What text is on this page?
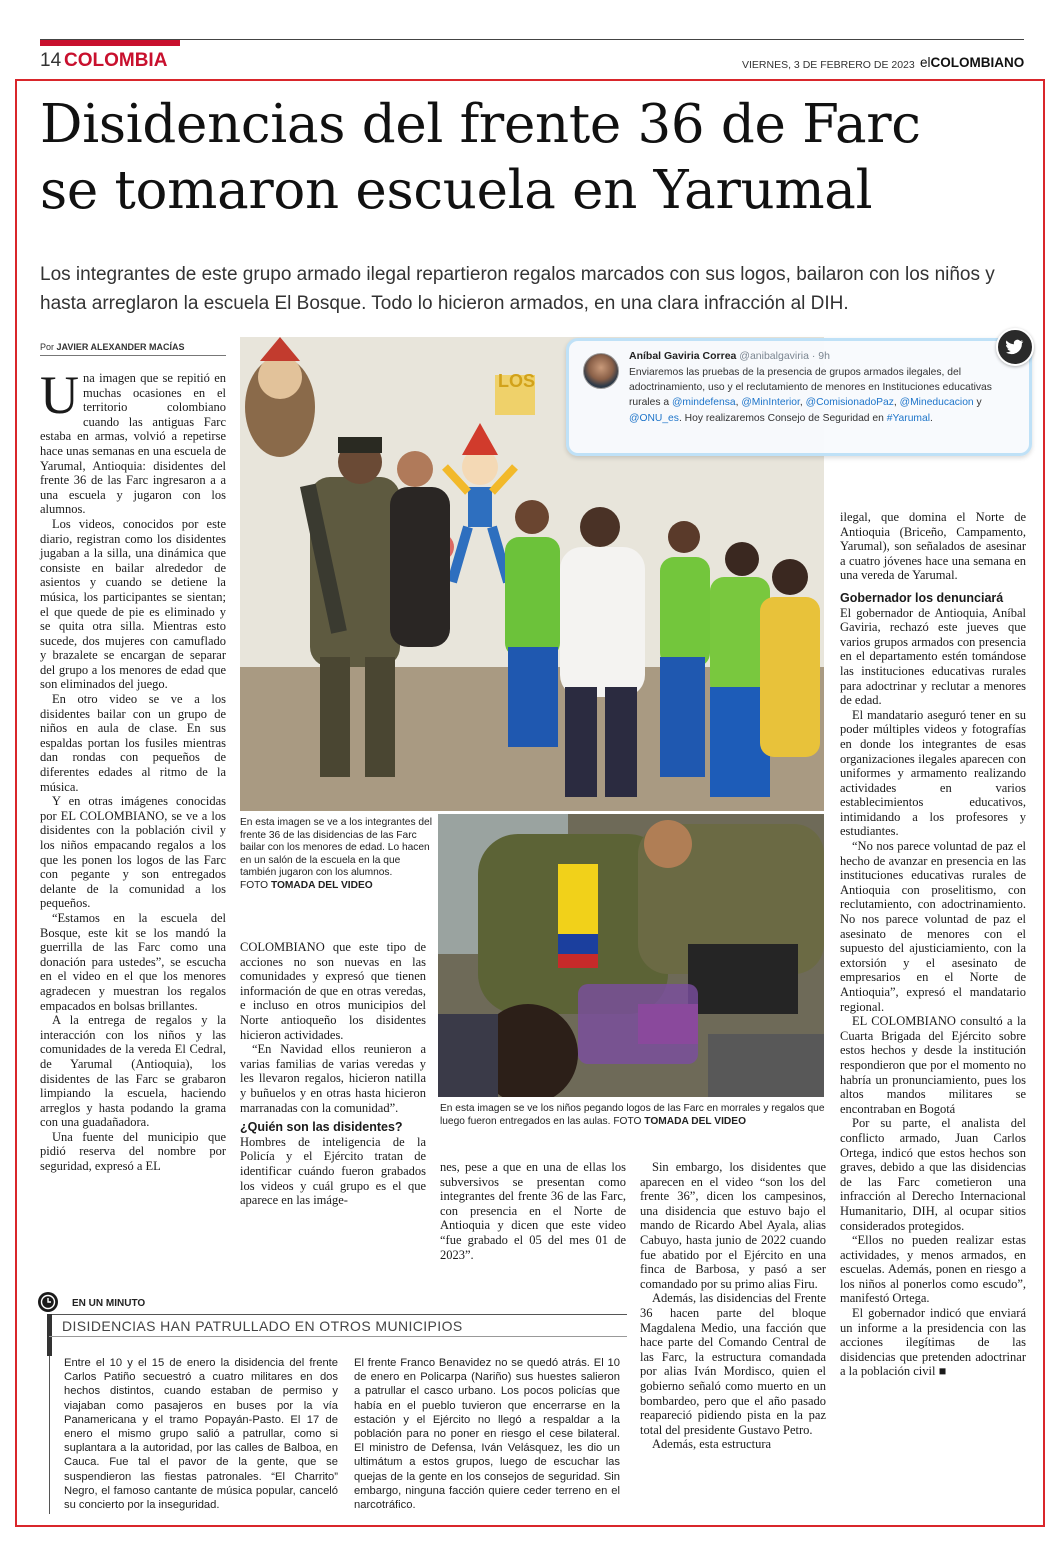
14 COLOMBIA	VIERNES, 3 DE FEBRERO DE 2023 elCOLOMBIANO
Disidencias del frente 36 de Farc
se tomaron escuela en Yarumal
Los integrantes de este grupo armado ilegal repartieron regalos marcados con sus logos, bailaron con los niños y hasta arreglaron la escuela El Bosque. Todo lo hicieron armados, en una clara infracción al DIH.
Por JAVIER ALEXANDER MACÍAS
U na imagen que se repitió en muchas ocasiones en el territorio colombiano cuando las antiguas Farc estaba en armas, volvió a repetirse hace unas semanas en una escuela de Yarumal, Antioquia: disidentes del frente 36 de las Farc ingresaron a a una escuela y jugaron con los alumnos.

Los videos, conocidos por este diario, registran como los disidentes jugaban a la silla, una dinámica que consiste en bailar alrededor de asientos y cuando se detiene la música, los participantes se sientan; el que quede de pie es eliminado y se quita otra silla. Mientras esto sucede, dos mujeres con camuflado y brazalete se encargan de separar del grupo a los menores de edad que son eliminados del juego.

En otro video se ve a los disidentes bailar con un grupo de niños en aula de clase. En sus espaldas portan los fusiles mientras dan rondas con pequeños de diferentes edades al ritmo de la música.

Y en otras imágenes conocidas por EL COLOMBIANO, se ve a los disidentes con la población civil y los niños empacando regalos a los que les ponen los logos de las Farc con pegante y son entregados delante de la comunidad a los pequeños.

“Estamos en la escuela del Bosque, este kit se los mandó la guerrilla de las Farc como una donación para ustedes”, se escucha en el video en el que los menores agradecen y muestran los regalos empacados en bolsas brillantes.

A la entrega de regalos y la interacción con los niños y las comunidades de la vereda El Cedral, de Yarumal (Antioquia), los disidentes de las Farc se grabaron limpiando la escuela, haciendo arreglos y hasta podando la grama con una guadañadora.

Una fuente del municipio que pidió reserva del nombre por seguridad, expresó a EL

LOS
Aníbal Gaviria Correa @anibalgaviria · 9h
Enviaremos las pruebas de la presencia de grupos armados ilegales, del adoctrinamiento, uso y el reclutamiento de menores en Instituciones educativas rurales a @mindefensa, @MinInterior, @ComisionadoPaz, @Mineducacion y @ONU_es. Hoy realizaremos Consejo de Seguridad en #Yarumal.
En esta imagen se ve a los integrantes del frente 36 de las disidencias de las Farc bailar con los menores de edad. Lo hacen en un salón de la escuela en la que también jugaron con los alumnos.
FOTO TOMADA DEL VIDEO
En esta imagen se ve los niños pegando logos de las Farc en morrales y regalos que luego fueron entregados en las aulas. FOTO TOMADA DEL VIDEO

COLOMBIANO que este tipo de acciones no son nuevas en las comunidades y expresó que tienen información de que en otras veredas, e incluso en otros municipios del Norte antioqueño los disidentes hicieron actividades.

“En Navidad ellos reunieron a varias familias de varias veredas y les llevaron regalos, hicieron natilla y buñuelos y en otras hasta hicieron marranadas con la comunidad”.

¿Quién son las disidentes?

Hombres de inteligencia de la Policía y el Ejército tratan de identificar cuándo fueron grabados los videos y cuál grupo es el que aparece en las imáge-

nes, pese a que en una de ellas los subversivos se presentan como integrantes del frente 36 de las Farc, con presencia en el Norte de Antioquia y dicen que este video “fue grabado el 05 del mes 01 de 2023”.

Sin embargo, los disidentes que aparecen en el video “son los del frente 36”, dicen los campesinos, una disidencia que estuvo bajo el mando de Ricardo Abel Ayala, alias Cabuyo, hasta junio de 2022 cuando fue abatido por el Ejército en una finca de Barbosa, y pasó a ser comandado por su primo alias Firu.

Además, las disidencias del Frente 36 hacen parte del bloque Magdalena Medio, una facción que hace parte del Comando Central de las Farc, la estructura comandada por alias Iván Mordisco, quien el gobierno señaló como muerto en un bombardeo, pero que el año pasado reapareció pidiendo pista en la paz total del presidente Gustavo Petro.

Además, esta estructura

ilegal, que domina el Norte de Antioquia (Briceño, Campamento, Yarumal), son señalados de asesinar a cuatro jóvenes hace una semana en una vereda de Yarumal.

Gobernador los denunciará

El gobernador de Antioquia, Aníbal Gaviria, rechazó este jueves que varios grupos armados con presencia en el departamento estén tomándose las instituciones educativas rurales para adoctrinar y reclutar a menores de edad.

El mandatario aseguró tener en su poder múltiples videos y fotografías en donde los integrantes de esas organizaciones ilegales aparecen con uniformes y armamento realizando actividades en varios establecimientos educativos, intimidando a los profesores y estudiantes.

“No nos parece voluntad de paz el hecho de avanzar en presencia en las instituciones educativas rurales de Antioquia con proselitismo, con reclutamiento, con adoctrinamiento. No nos parece voluntad de paz el asesinato de menores con el supuesto del ajusticiamiento, con la extorsión y el asesinato de empresarios en el Norte de Antioquia”, expresó el mandatario regional.

EL COLOMBIANO consultó a la Cuarta Brigada del Ejército sobre estos hechos y desde la institución respondieron que por el momento no habría un pronunciamiento, pues los altos mandos militares se encontraban en Bogotá

Por su parte, el analista del conflicto armado, Juan Carlos Ortega, indicó que estos hechos son graves, debido a que las disidencias de las Farc cometieron una infracción al Derecho Internacional Humanitario, DIH, al ocupar sitios considerados protegidos.

“Ellos no pueden realizar estas actividades, y menos armados, en escuelas. Además, ponen en riesgo a los niños al ponerlos como escudo”, manifestó Ortega.

El gobernador indicó que enviará un informe a la presidencia con las acciones ilegítimas de las disidencias que pretenden adoctrinar a la población civil ■

EN UN MINUTO
DISIDENCIAS HAN PATRULLADO EN OTROS MUNICIPIOS
Entre el 10 y el 15 de enero la disidencia del frente Carlos Patiño secuestró a cuatro militares en dos hechos distintos, cuando estaban de permiso y viajaban como pasajeros en buses por la vía Panamericana y el tramo Popayán-Pasto. El 17 de enero el mismo grupo salió a patrullar, como si suplantara a la autoridad, por las calles de Balboa, en Cauca. Fue tal el pavor de la gente, que se suspendieron las fiestas patronales. “El Charrito” Negro, el famoso cantante de música popular, canceló su concierto por la inseguridad.
El frente Franco Benavidez no se quedó atrás. El 10 de enero en Policarpa (Nariño) sus huestes salieron a patrullar el casco urbano. Los pocos policías que había en el pueblo tuvieron que encerrarse en la estación y el Ejército no llegó a respaldar a la población para no poner en riesgo el cese bilateral. El ministro de Defensa, Iván Velásquez, les dio un ultimátum a estos grupos, luego de escuchar las quejas de la gente en los consejos de seguridad. Sin embargo, ninguna facción quiere ceder terreno en el narcotráfico.
